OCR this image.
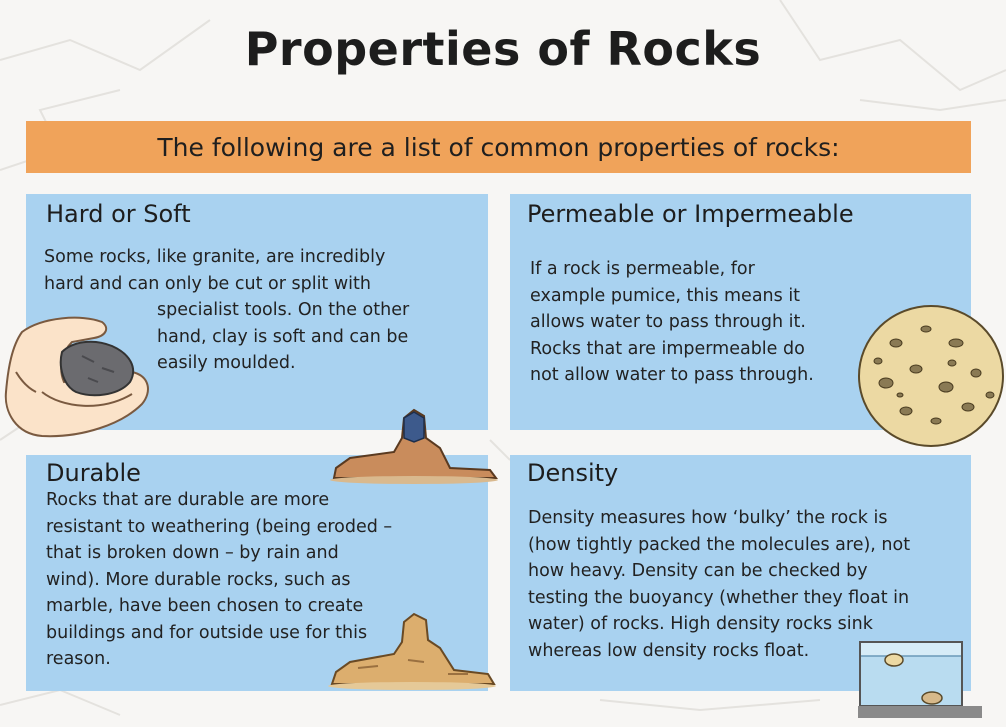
Properties of Rocks
The following are a list of common properties of rocks:
Hard or Soft
Some rocks, like granite, are incredibly
hard and can only be cut or split with
specialist tools. On the other
hand, clay is soft and can be
easily moulded.
Permeable or Impermeable
If a rock is permeable, for
example pumice, this means it
allows water to pass through it.
Rocks that are impermeable do
not allow water to pass through.
Durable
Rocks that are durable are more
resistant to weathering (being eroded –
that is broken down – by rain and
wind). More durable rocks, such as
marble, have been chosen to create
buildings and for outside use for this
reason.
Density
Density measures how ‘bulky’ the rock is
(how tightly packed the molecules are), not
how heavy. Density can be checked by
testing the buoyancy (whether they float in
water) of rocks. High density rocks sink
whereas low density rocks float.
